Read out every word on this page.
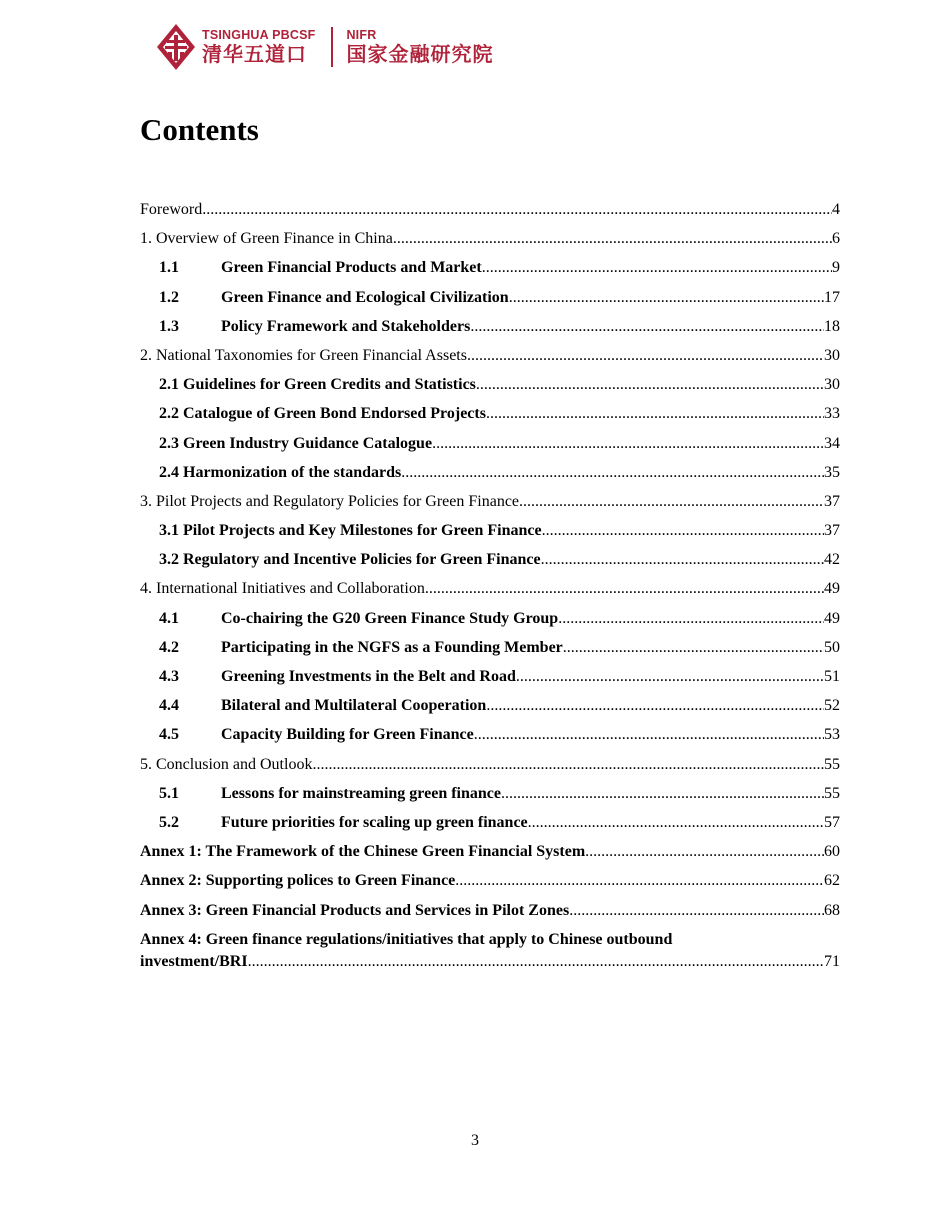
TSINGHUA PBCSF
清华五道口
NIFR
国家金融研究院
Contents
Foreword .....	4
1. Overview of Green Finance in China .....	6
1.1	Green Financial Products and Market .....	9
1.2	Green Finance and Ecological Civilization .....	17
1.3	Policy Framework and Stakeholders .....	18
2. National Taxonomies for Green Financial Assets .....	30
2.1 Guidelines for Green Credits and Statistics .....	30
2.2 Catalogue of Green Bond Endorsed Projects .....	33
2.3 Green Industry Guidance Catalogue .....	34
2.4 Harmonization of the standards .....	35
3. Pilot Projects and Regulatory Policies for Green Finance .....	37
3.1 Pilot Projects and Key Milestones for Green Finance .....	37
3.2 Regulatory and Incentive Policies for Green Finance .....	42
4. International Initiatives and Collaboration .....	49
4.1	Co-chairing the G20 Green Finance Study Group .....	49
4.2	Participating in the NGFS as a Founding Member .....	50
4.3	Greening Investments in the Belt and Road .....	51
4.4	Bilateral and Multilateral Cooperation .....	52
4.5	Capacity Building for Green Finance .....	53
5. Conclusion and Outlook .....	55
5.1	Lessons for mainstreaming green finance .....	55
5.2	Future priorities for scaling up green finance .....	57
Annex 1: The Framework of the Chinese Green Financial System .....	60
Annex 2: Supporting polices to Green Finance .....	62
Annex 3: Green Financial Products and Services in Pilot Zones .....	68
Annex 4: Green finance regulations/initiatives that apply to Chinese outbound
investment/BRI .....	71
3
